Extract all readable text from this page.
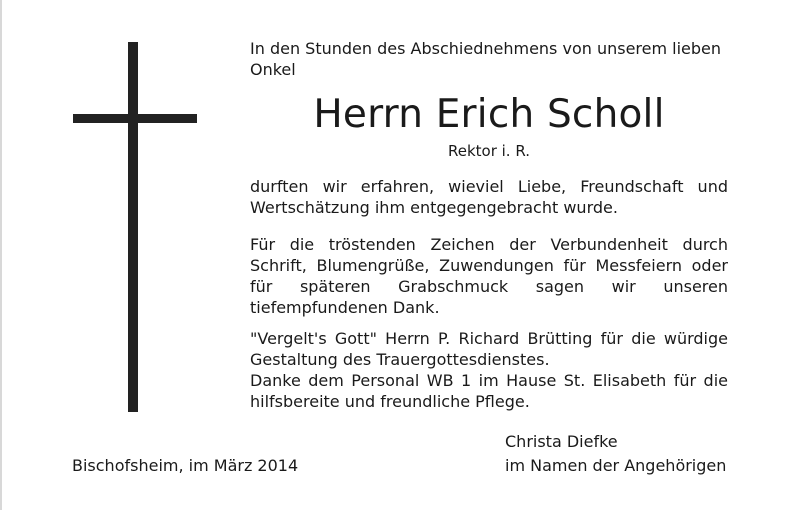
In den Stunden des Abschiednehmens von unserem lieben Onkel
Herrn Erich Scholl
Rektor i. R.
durften wir erfahren, wieviel Liebe, Freundschaft und
Wertschätzung ihm entgegengebracht wurde.
Für die tröstenden Zeichen der Verbundenheit durch
Schrift, Blumengrüße, Zuwendungen für Messfeiern oder
für späteren Grabschmuck sagen wir unseren
tiefempfundenen Dank.
"Vergelt's Gott" Herrn P. Richard Brütting für die würdige
Gestaltung des Trauergottesdienstes.
Danke dem Personal WB 1 im Hause St. Elisabeth für die
hilfsbereite und freundliche Pflege.
Bischofsheim, im März 2014
Christa Diefke
im Namen der Angehörigen
